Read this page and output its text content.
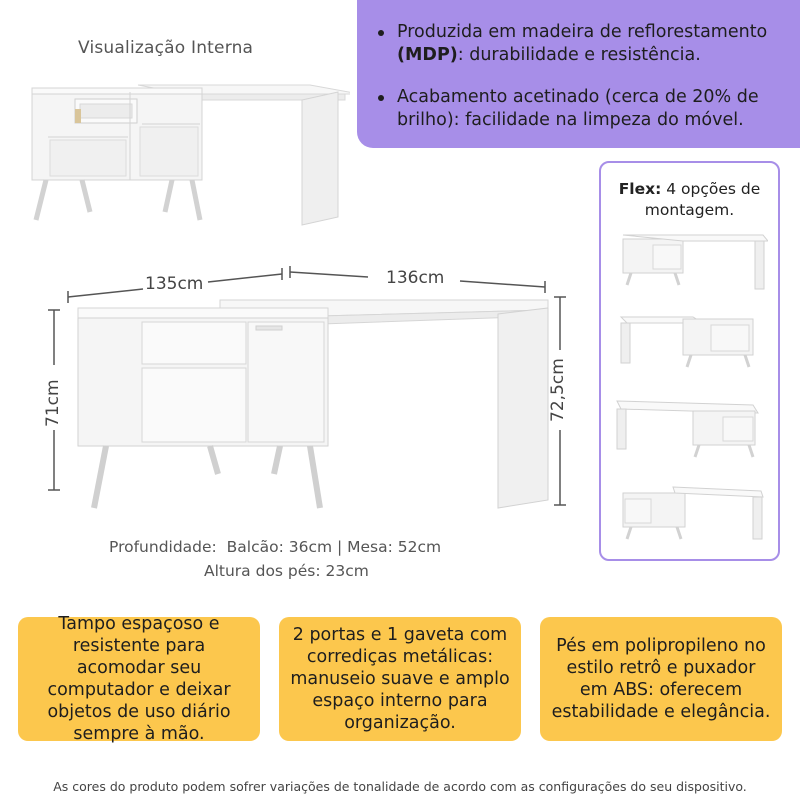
Visualização Interna
Produzida em madeira de reflorestamento (MDP): durabilidade e resistência.
Acabamento acetinado (cerca de 20% de brilho): facilidade na limpeza do móvel.
Flex: 4 opções de montagem.
135cm	136cm
71cm	72,5cm
Profundidade:  Balcão: 36cm | Mesa: 52cm
Altura dos pés: 23cm
Tampo espaçoso e resistente para acomodar seu computador e deixar objetos de uso diário sempre à mão.
2 portas e 1 gaveta com corrediças metálicas: manuseio suave e amplo espaço interno para organização.
Pés em polipropileno no estilo retrô e puxador em ABS: oferecem estabilidade e elegância.
As cores do produto podem sofrer variações de tonalidade de acordo com as configurações do seu dispositivo.
